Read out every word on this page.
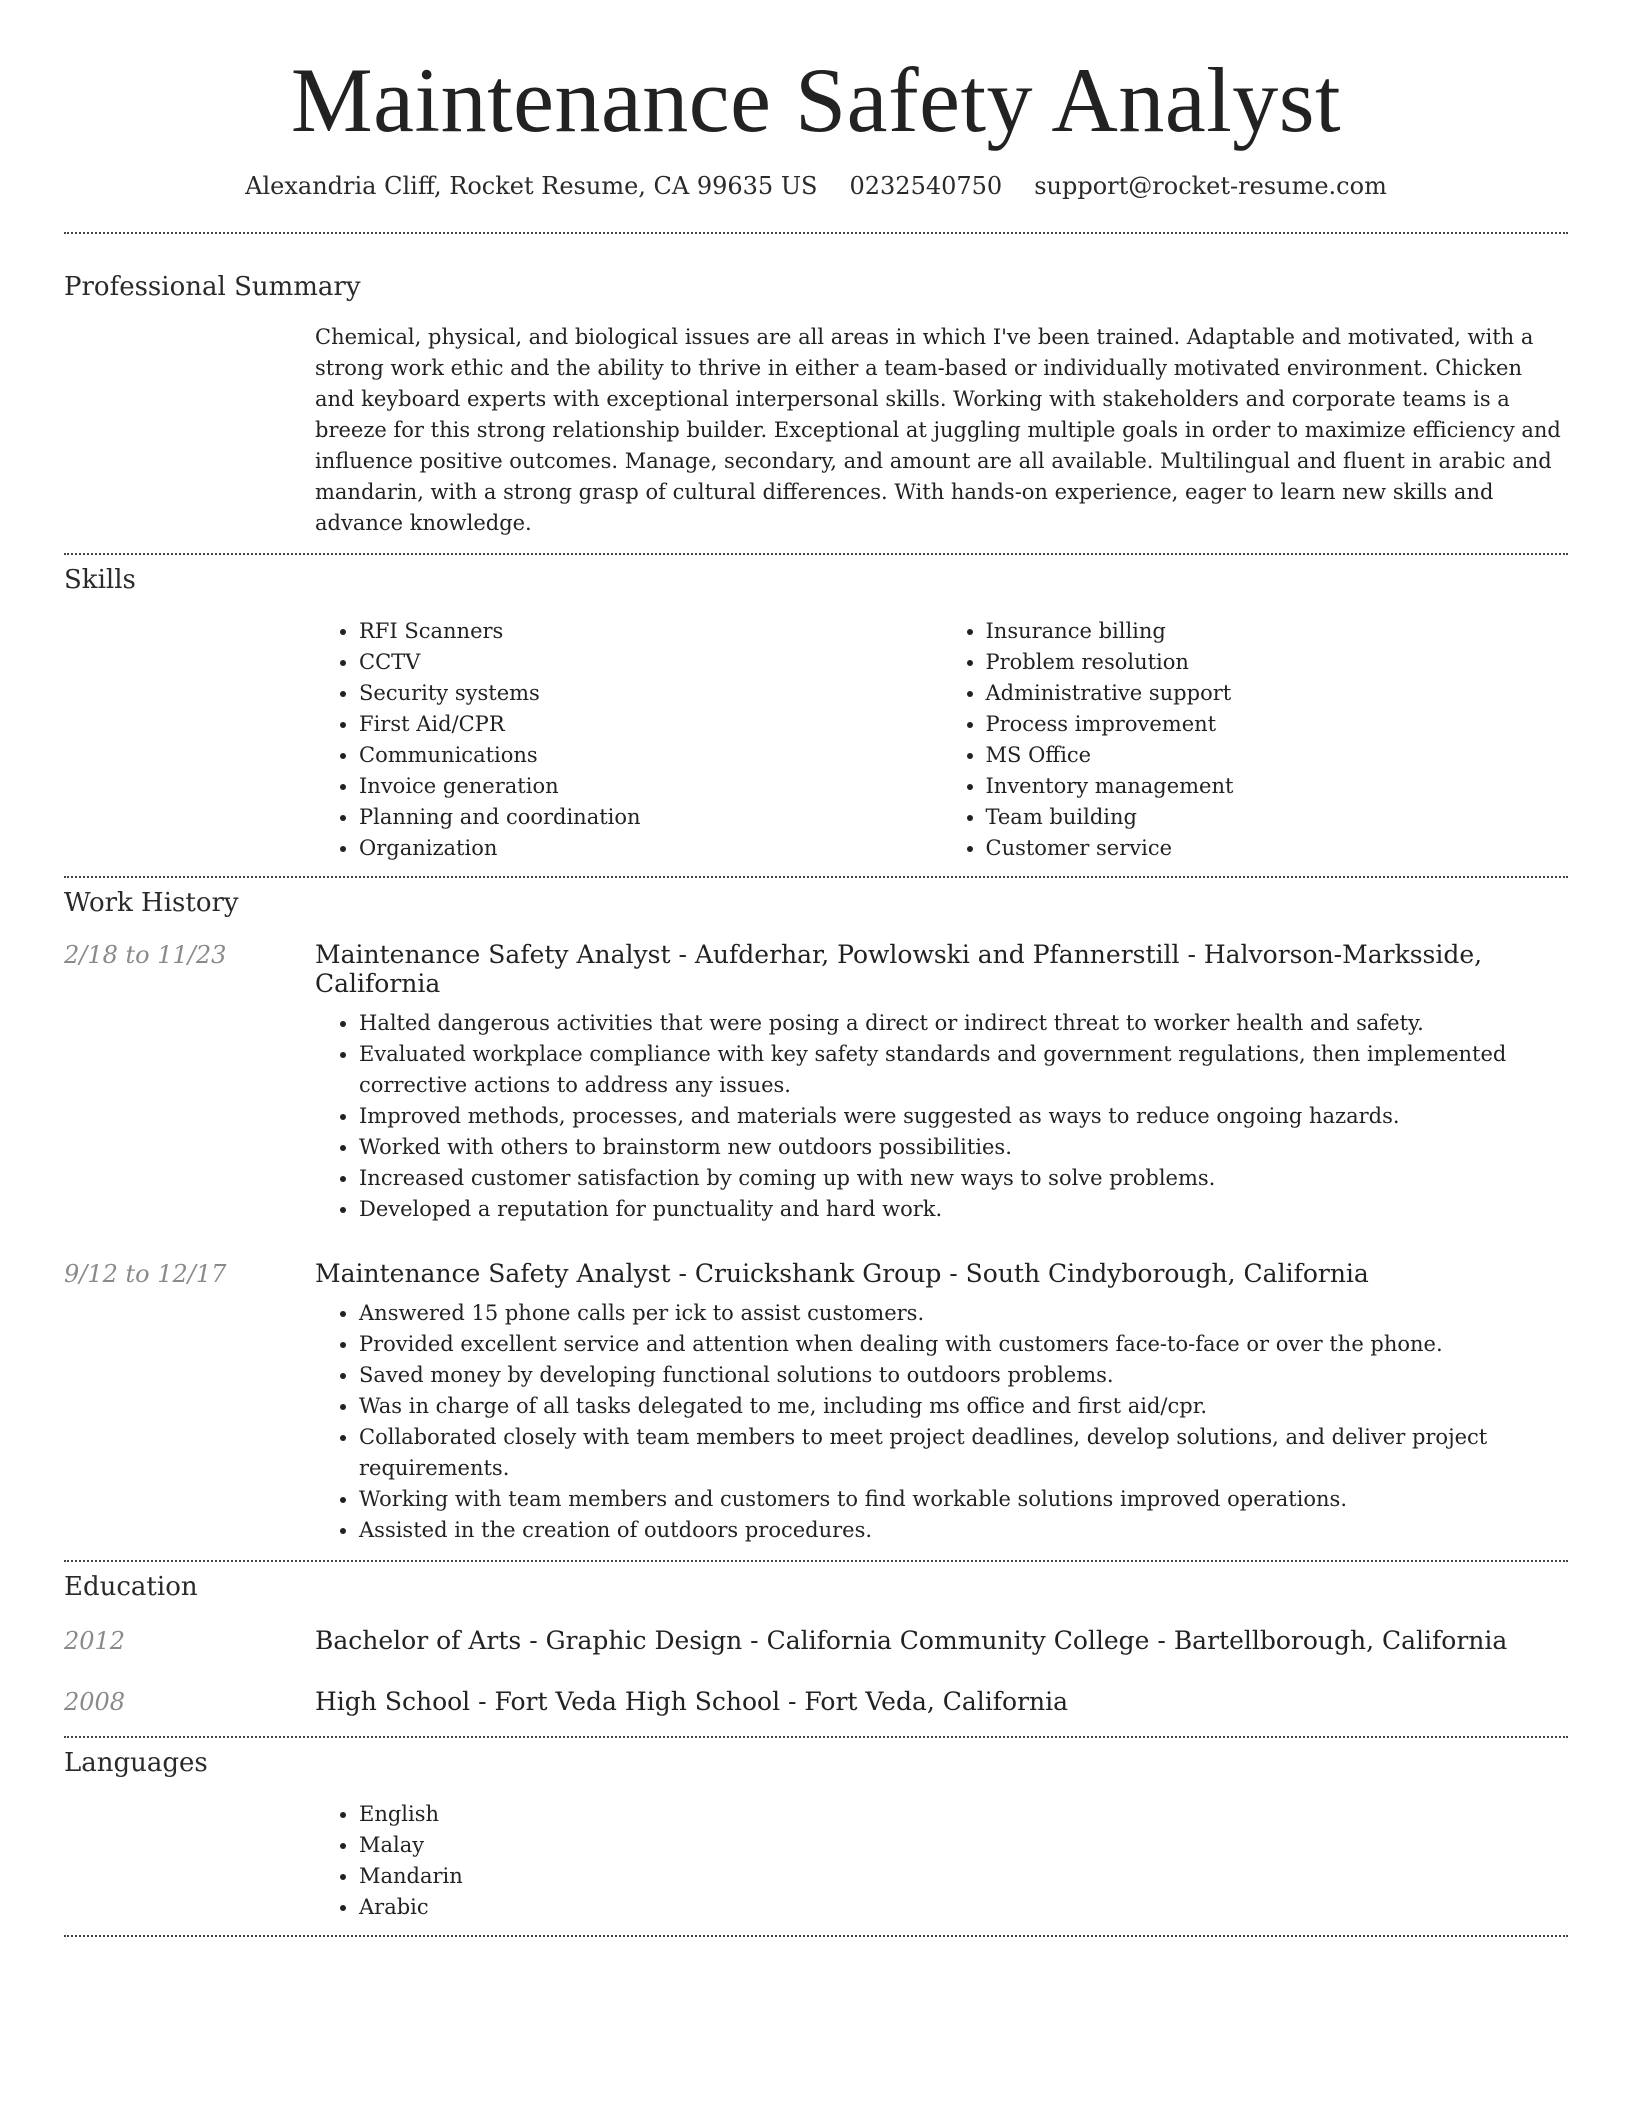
Maintenance Safety Analyst
Alexandria Cliff, Rocket Resume, CA 99635 US 0232540750 support@rocket-resume.com
Professional Summary

Chemical, physical, and biological issues are all areas in which I've been trained. Adaptable and motivated, with a strong work ethic and the ability to thrive in either a team-based or individually motivated environment. Chicken and keyboard experts with exceptional interpersonal skills. Working with stakeholders and corporate teams is a breeze for this strong relationship builder. Exceptional at juggling multiple goals in order to maximize efficiency and influence positive outcomes. Manage, secondary, and amount are all available. Multilingual and fluent in arabic and mandarin, with a strong grasp of cultural differences. With hands-on experience, eager to learn new skills and advance knowledge.

Skills
• RFI Scanners
• CCTV
• Security systems
• First Aid/CPR
• Communications
• Invoice generation
• Planning and coordination
• Organization
• Insurance billing
• Problem resolution
• Administrative support
• Process improvement
• MS Office
• Inventory management
• Team building
• Customer service
Work History
2/18 to 11/23	Maintenance Safety Analyst - Aufderhar, Powlowski and Pfannerstill - Halvorson-Marksside, California
• Halted dangerous activities that were posing a direct or indirect threat to worker health and safety.
• Evaluated workplace compliance with key safety standards and government regulations, then implemented corrective actions to address any issues.
• Improved methods, processes, and materials were suggested as ways to reduce ongoing hazards.
• Worked with others to brainstorm new outdoors possibilities.
• Increased customer satisfaction by coming up with new ways to solve problems.
• Developed a reputation for punctuality and hard work.
9/12 to 12/17	Maintenance Safety Analyst - Cruickshank Group - South Cindyborough, California
• Answered 15 phone calls per ick to assist customers.
• Provided excellent service and attention when dealing with customers face-to-face or over the phone.
• Saved money by developing functional solutions to outdoors problems.
• Was in charge of all tasks delegated to me, including ms office and first aid/cpr.
• Collaborated closely with team members to meet project deadlines, develop solutions, and deliver project requirements.
• Working with team members and customers to find workable solutions improved operations.
• Assisted in the creation of outdoors procedures.
Education
2012	Bachelor of Arts - Graphic Design - California Community College - Bartellborough, California
2008	High School - Fort Veda High School - Fort Veda, California
Languages
• English
• Malay
• Mandarin
• Arabic
